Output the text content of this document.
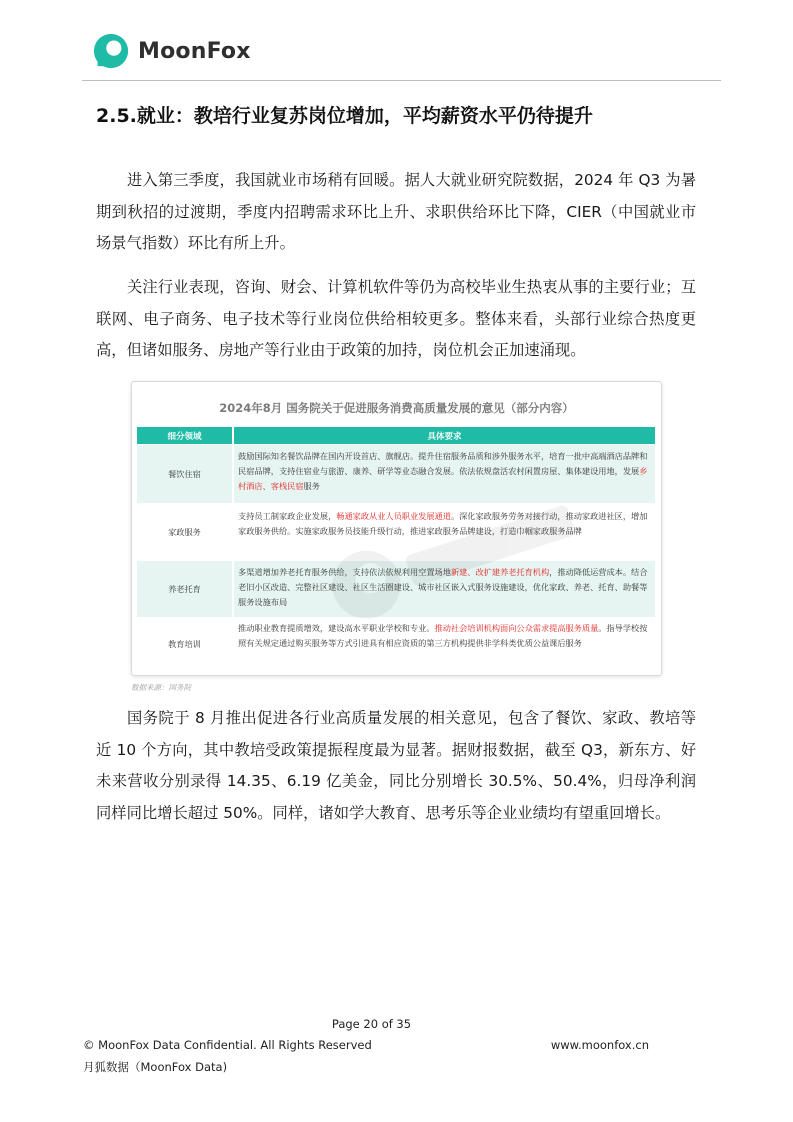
MoonFox
2.5.就业：教培行业复苏岗位增加，平均薪资水平仍待提升

进入第三季度，我国就业市场稍有回暖。据人大就业研究院数据，2024 年 Q3 为暑期到秋招的过渡期，季度内招聘需求环比上升、求职供给环比下降，CIER（中国就业市场景气指数）环比有所上升。

关注行业表现，咨询、财会、计算机软件等仍为高校毕业生热衷从事的主要行业；互联网、电子商务、电子技术等行业岗位供给相较更多。整体来看，头部行业综合热度更高，但诸如服务、房地产等行业由于政策的加持，岗位机会正加速涌现。

2024年8月 国务院关于促进服务消费高质量发展的意见（部分内容）
细分领域	具体要求
餐饮住宿
鼓励国际知名餐饮品牌在国内开设首店、旗舰店。提升住宿服务品质和涉外服务水平，培育一批中高端酒店品牌和民宿品牌，支持住宿业与旅游、康养、研学等业态融合发展。依法依规盘活农村闲置房屋、集体建设用地，发展乡村酒店、客栈民宿服务
家政服务
支持员工制家政企业发展，畅通家政从业人员职业发展通道。深化家政服务劳务对接行动，推动家政进社区，增加家政服务供给。实施家政服务员技能升级行动，推进家政服务品牌建设，打造巾帼家政服务品牌
养老托育
多渠道增加养老托育服务供给，支持依法依规利用空置场地新建、改扩建养老托育机构，推动降低运营成本。结合老旧小区改造、完整社区建设、社区生活圈建设、城市社区嵌入式服务设施建设，优化家政、养老、托育、助餐等服务设施布局
教育培训
推动职业教育提质增效，建设高水平职业学校和专业。推动社会培训机构面向公众需求提高服务质量。指导学校按照有关规定通过购买服务等方式引进具有相应资质的第三方机构提供非学科类优质公益课后服务
数据来源：国务院

国务院于 8 月推出促进各行业高质量发展的相关意见，包含了餐饮、家政、教培等近 10 个方向，其中教培受政策提振程度最为显著。据财报数据，截至 Q3，新东方、好未来营收分别录得 14.35、6.19 亿美金，同比分别增长 30.5%、50.4%，归母净利润同样同比增长超过 50%。同样，诸如学大教育、思考乐等企业业绩均有望重回增长。

Page 20 of 35
© MoonFox Data Confidential. All Rights Reserved	www.moonfox.cn
月狐数据（MoonFox Data)
